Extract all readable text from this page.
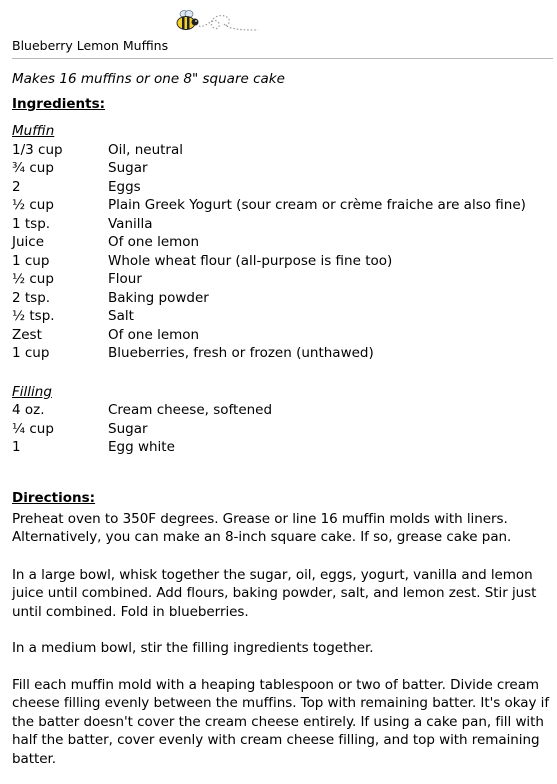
Blueberry Lemon Muffins

Makes 16 muffins or one 8" square cake

Ingredients:

Muffin

1/3 cup	Oil, neutral
¾ cup	Sugar
2	Eggs
½ cup	Plain Greek Yogurt (sour cream or crème fraiche are also fine)
1 tsp.	Vanilla
Juice	Of one lemon
1 cup	Whole wheat flour (all-purpose is fine too)
½ cup	Flour
2 tsp.	Baking powder
½ tsp.	Salt
Zest	Of one lemon
1 cup	Blueberries, fresh or frozen (unthawed)

Filling

4 oz.	Cream cheese, softened
¼ cup	Sugar
1	Egg white

Directions:

Preheat oven to 350F degrees. Grease or line 16 muffin molds with liners. Alternatively, you can make an 8-inch square cake. If so, grease cake pan.

In a large bowl, whisk together the sugar, oil, eggs, yogurt, vanilla and lemon juice until combined. Add flours, baking powder, salt, and lemon zest. Stir just until combined. Fold in blueberries.

In a medium bowl, stir the filling ingredients together.

Fill each muffin mold with a heaping tablespoon or two of batter. Divide cream cheese filling evenly between the muffins. Top with remaining batter. It's okay if the batter doesn't cover the cream cheese entirely. If using a cake pan, fill with half the batter, cover evenly with cream cheese filling, and top with remaining batter.
